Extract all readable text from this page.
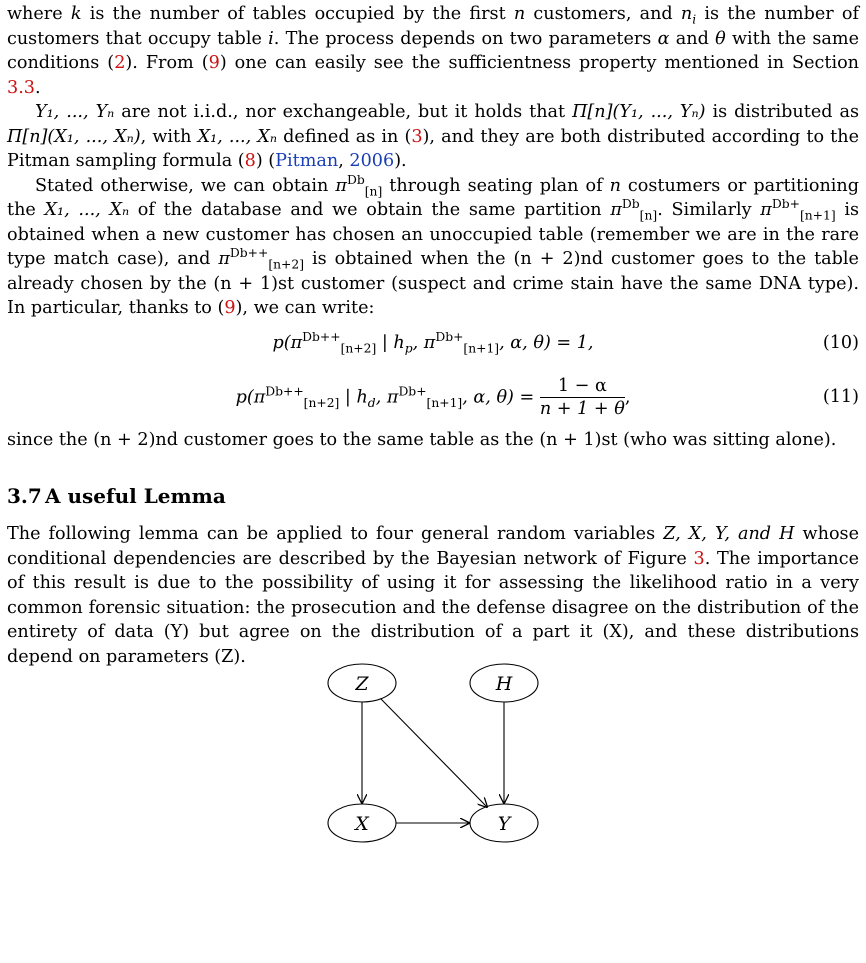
where k is the number of tables occupied by the first n customers, and $n_i$ is the number of customers that occupy table i. The process depends on two parameters α and θ with the same conditions (2). From (9) one can easily see the sufficientness property mentioned in Section 3.3.

Y₁, ..., Yₙ are not i.i.d., nor exchangeable, but it holds that Π[n](Y₁, ..., Yₙ) is distributed as Π[n](X₁, ..., Xₙ), with X₁, ..., Xₙ defined as in (3), and they are both distributed according to the Pitman sampling formula (8) (Pitman, 2006).

Stated otherwise, we can obtain $\pi^{Db}_{[n]}$ through seating plan of n costumers or partitioning the X₁, ..., Xₙ of the database and we obtain the same partition $\pi^{Db}_{[n]}$. Similarly $\pi^{Db+}_{[n+1]}$ is obtained when a new customer has chosen an unoccupied table (remember we are in the rare type match case), and $\pi^{Db++}_{[n+2]}$ is obtained when the (n + 2)nd customer goes to the table already chosen by the (n + 1)st customer (suspect and crime stain have the same DNA type). In particular, thanks to (9), we can write:

$p(\pi^{Db++}_{[n+2]}$ | $h_p$, $\pi^{Db+}_{[n+1]}$, α, θ) = 1,	(10)
$p(\pi^{Db++}_{[n+2]}$ | $h_d$, $\pi^{Db+}_{[n+1]}$, α, $\theta) = \frac{1 - \alpha}{n + 1 + \theta}$ ,	(11)

since the (n + 2)nd customer goes to the same table as the (n + 1)st (who was sitting alone).

3.7 A useful Lemma

The following lemma can be applied to four general random variables Z, X, Y, and H whose conditional dependencies are described by the Bayesian network of Figure 3. The importance of this result is due to the possibility of using it for assessing the likelihood ratio in a very common forensic situation: the prosecution and the defense disagree on the distribution of the entirety of data (Y) but agree on the distribution of a part it (X), and these distributions depend on parameters (Z).

Z	H
X	Y
